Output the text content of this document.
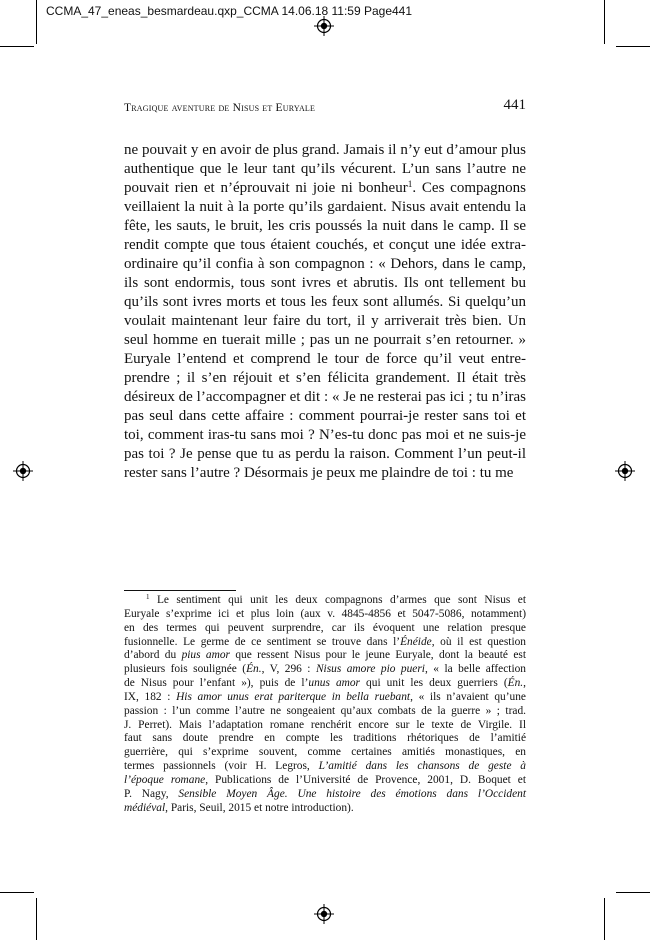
CCMA_47_eneas_besmardeau.qxp_CCMA 14.06.18 11:59 Page441
Tragique aventure de Nisus et Euryale	441
ne pouvait y en avoir de plus grand. Jamais il n’y eut d’amour plus
authentique que le leur tant qu’ils vécurent. L’un sans l’autre ne
pouvait rien et n’éprouvait ni joie ni bonheur$^1$. Ces compagnons
veillaient la nuit à la porte qu’ils gardaient. Nisus avait entendu la
fête, les sauts, le bruit, les cris poussés la nuit dans le camp. Il se
rendit compte que tous étaient couchés, et conçut une idée extra-
ordinaire qu’il confia à son compagnon : « Dehors, dans le camp,
ils sont endormis, tous sont ivres et abrutis. Ils ont tellement bu
qu’ils sont ivres morts et tous les feux sont allumés. Si quelqu’un
voulait maintenant leur faire du tort, il y arriverait très bien. Un
seul homme en tuerait mille ; pas un ne pourrait s’en retourner. »
Euryale l’entend et comprend le tour de force qu’il veut entre-
prendre ; il s’en réjouit et s’en félicita grandement. Il était très
désireux de l’accompagner et dit : « Je ne resterai pas ici ; tu n’iras
pas seul dans cette affaire : comment pourrai-je rester sans toi et
toi, comment iras-tu sans moi ? N’es-tu donc pas moi et ne suis-je
pas toi ? Je pense que tu as perdu la raison. Comment l’un peut-il
rester sans l’autre ? Désormais je peux me plaindre de toi : tu me
$^1$ Le sentiment qui unit les deux compagnons d’armes que sont Nisus et
Euryale s’exprime ici et plus loin (aux v. 4845-4856 et 5047-5086, notamment)
en des termes qui peuvent surprendre, car ils évoquent une relation presque
fusionnelle. Le germe de ce sentiment se trouve dans l’Énéide, où il est question
d’abord du pius amor que ressent Nisus pour le jeune Euryale, dont la beauté est
plusieurs fois soulignée (Én., V, 296 : Nisus amore pio pueri, « la belle affection
de Nisus pour l’enfant »), puis de l’unus amor qui unit les deux guerriers (Én.,
IX, 182 : His amor unus erat pariterque in bella ruebant, « ils n’avaient qu’une
passion : l’un comme l’autre ne songeaient qu’aux combats de la guerre » ; trad.
J. Perret). Mais l’adaptation romane renchérit encore sur le texte de Virgile. Il
faut sans doute prendre en compte les traditions rhétoriques de l’amitié
guerrière, qui s’exprime souvent, comme certaines amitiés monastiques, en
termes passionnels (voir H. Legros, L’amitié dans les chansons de geste à
l’époque romane, Publications de l’Université de Provence, 2001, D. Boquet et
P. Nagy, Sensible Moyen Âge. Une histoire des émotions dans l’Occident
médiéval, Paris, Seuil, 2015 et notre introduction).
